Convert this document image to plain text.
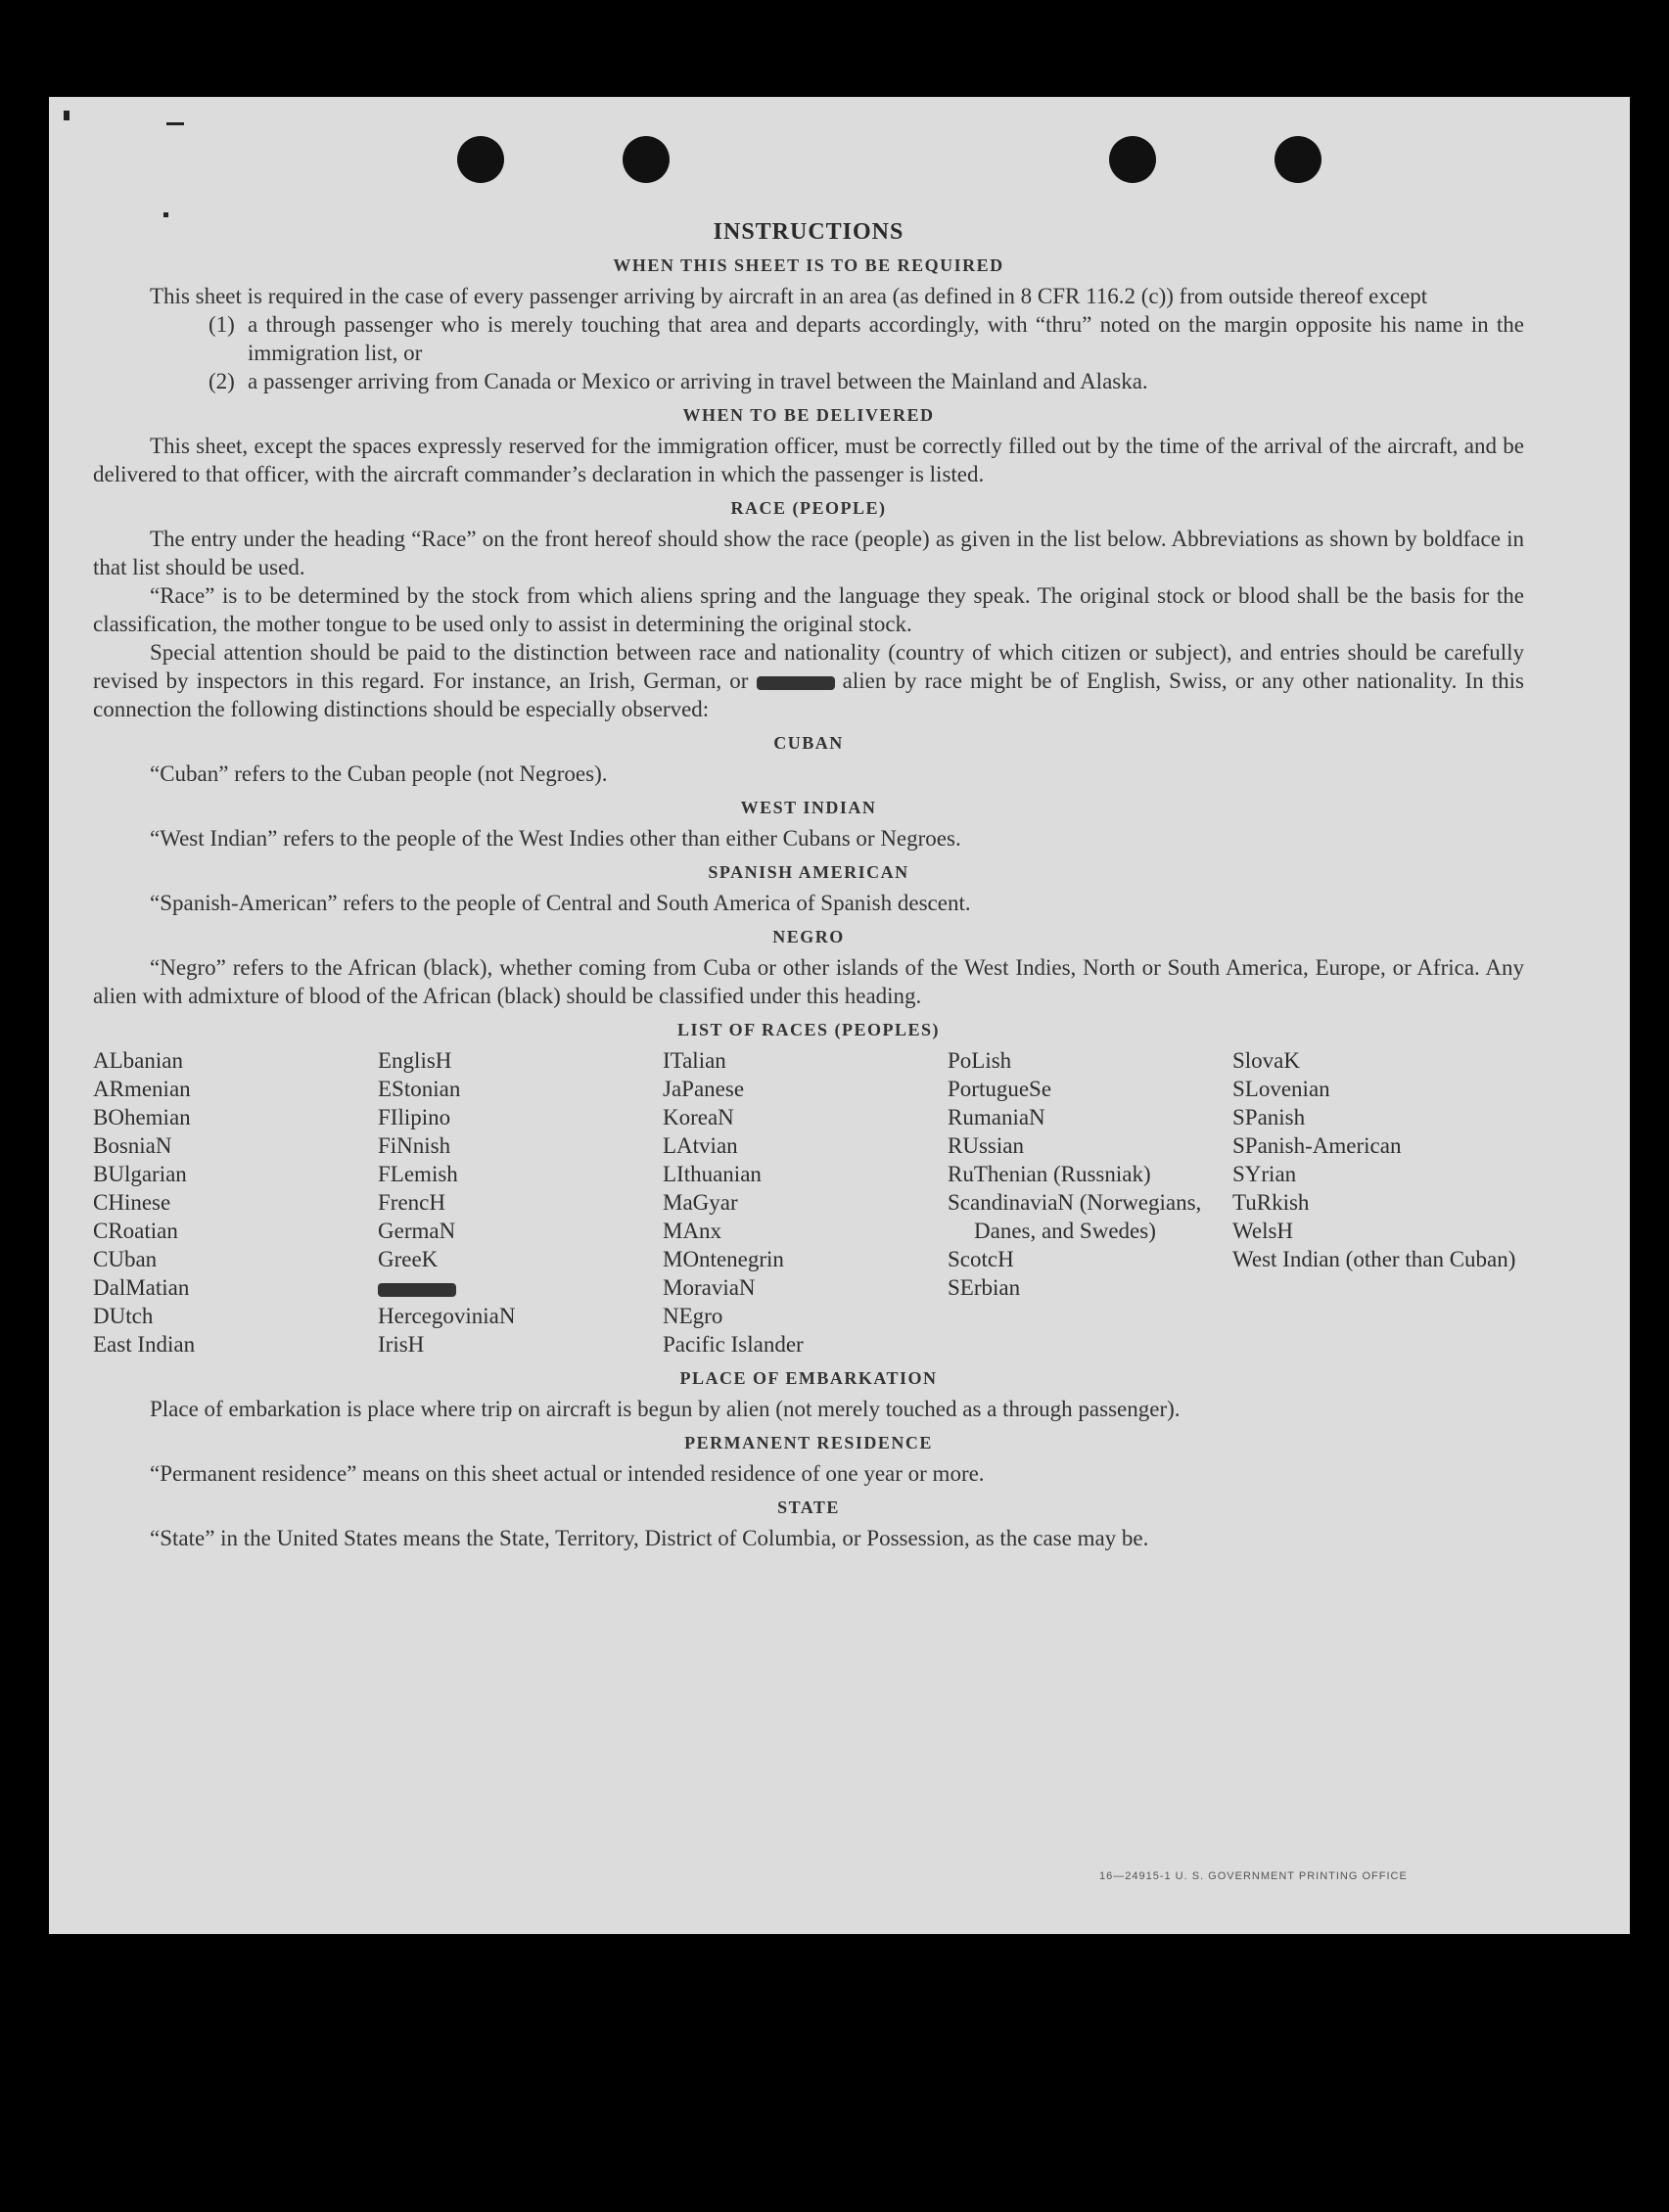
INSTRUCTIONS
WHEN THIS SHEET IS TO BE REQUIRED

This sheet is required in the case of every passenger arriving by aircraft in an area (as defined in 8 CFR 116.2 (c)) from outside thereof except

(1) a through passenger who is merely touching that area and departs accordingly, with “thru” noted on the margin opposite his name in the immigration list, or
(2) a passenger arriving from Canada or Mexico or arriving in travel between the Mainland and Alaska.
WHEN TO BE DELIVERED

This sheet, except the spaces expressly reserved for the immigration officer, must be correctly filled out by the time of the arrival of the aircraft, and be delivered to that officer, with the aircraft commander’s declaration in which the passenger is listed.

RACE (PEOPLE)

The entry under the heading “Race” on the front hereof should show the race (people) as given in the list below. Abbreviations as shown by boldface in that list should be used.

“Race” is to be determined by the stock from which aliens spring and the language they speak. The original stock or blood shall be the basis for the classification, the mother tongue to be used only to assist in determining the original stock.

Special attention should be paid to the distinction between race and nationality (country of which citizen or subject), and entries should be carefully revised by inspectors in this regard. For instance, an Irish, German, or	alien by race might be of English, Swiss, or any other nationality. In this connection the following distinctions should be especially observed:

CUBAN

“Cuban” refers to the Cuban people (not Negroes).

WEST INDIAN

“West Indian” refers to the people of the West Indies other than either Cubans or Negroes.

SPANISH AMERICAN

“Spanish-American” refers to the people of Central and South America of Spanish descent.

NEGRO

“Negro” refers to the African (black), whether coming from Cuba or other islands of the West Indies, North or South America, Europe, or Africa. Any alien with admixture of blood of the African (black) should be classified under this heading.

LIST OF RACES (PEOPLES)
ALbanian
ARmenian
BOhemian
BosniaN
BUlgarian
CHinese
CRoatian
CUban
DalMatian
DUtch
East Indian
EnglisH
EStonian
FIlipino
FiNnish
FLemish
FrencH
GermaN
GreeK
HercegoviniaN
IrisH
ITalian
JaPanese
KoreaN
LAtvian
LIthuanian
MaGyar
MAnx
MOntenegrin
MoraviaN
NEgro
Pacific Islander
PoLish
PortugueSe
RumaniaN
RUssian
RuThenian (Russniak)
ScandinaviaN (Norwegians, Danes, and Swedes)
ScotcH
SErbian
SlovaK
SLovenian
SPanish
SPanish-American
SYrian
TuRkish
WelsH
West Indian (other than Cuban)
PLACE OF EMBARKATION

Place of embarkation is place where trip on aircraft is begun by alien (not merely touched as a through passenger).

PERMANENT RESIDENCE

“Permanent residence” means on this sheet actual or intended residence of one year or more.

STATE

“State” in the United States means the State, Territory, District of Columbia, or Possession, as the case may be.

16—24915-1 U. S. GOVERNMENT PRINTING OFFICE
